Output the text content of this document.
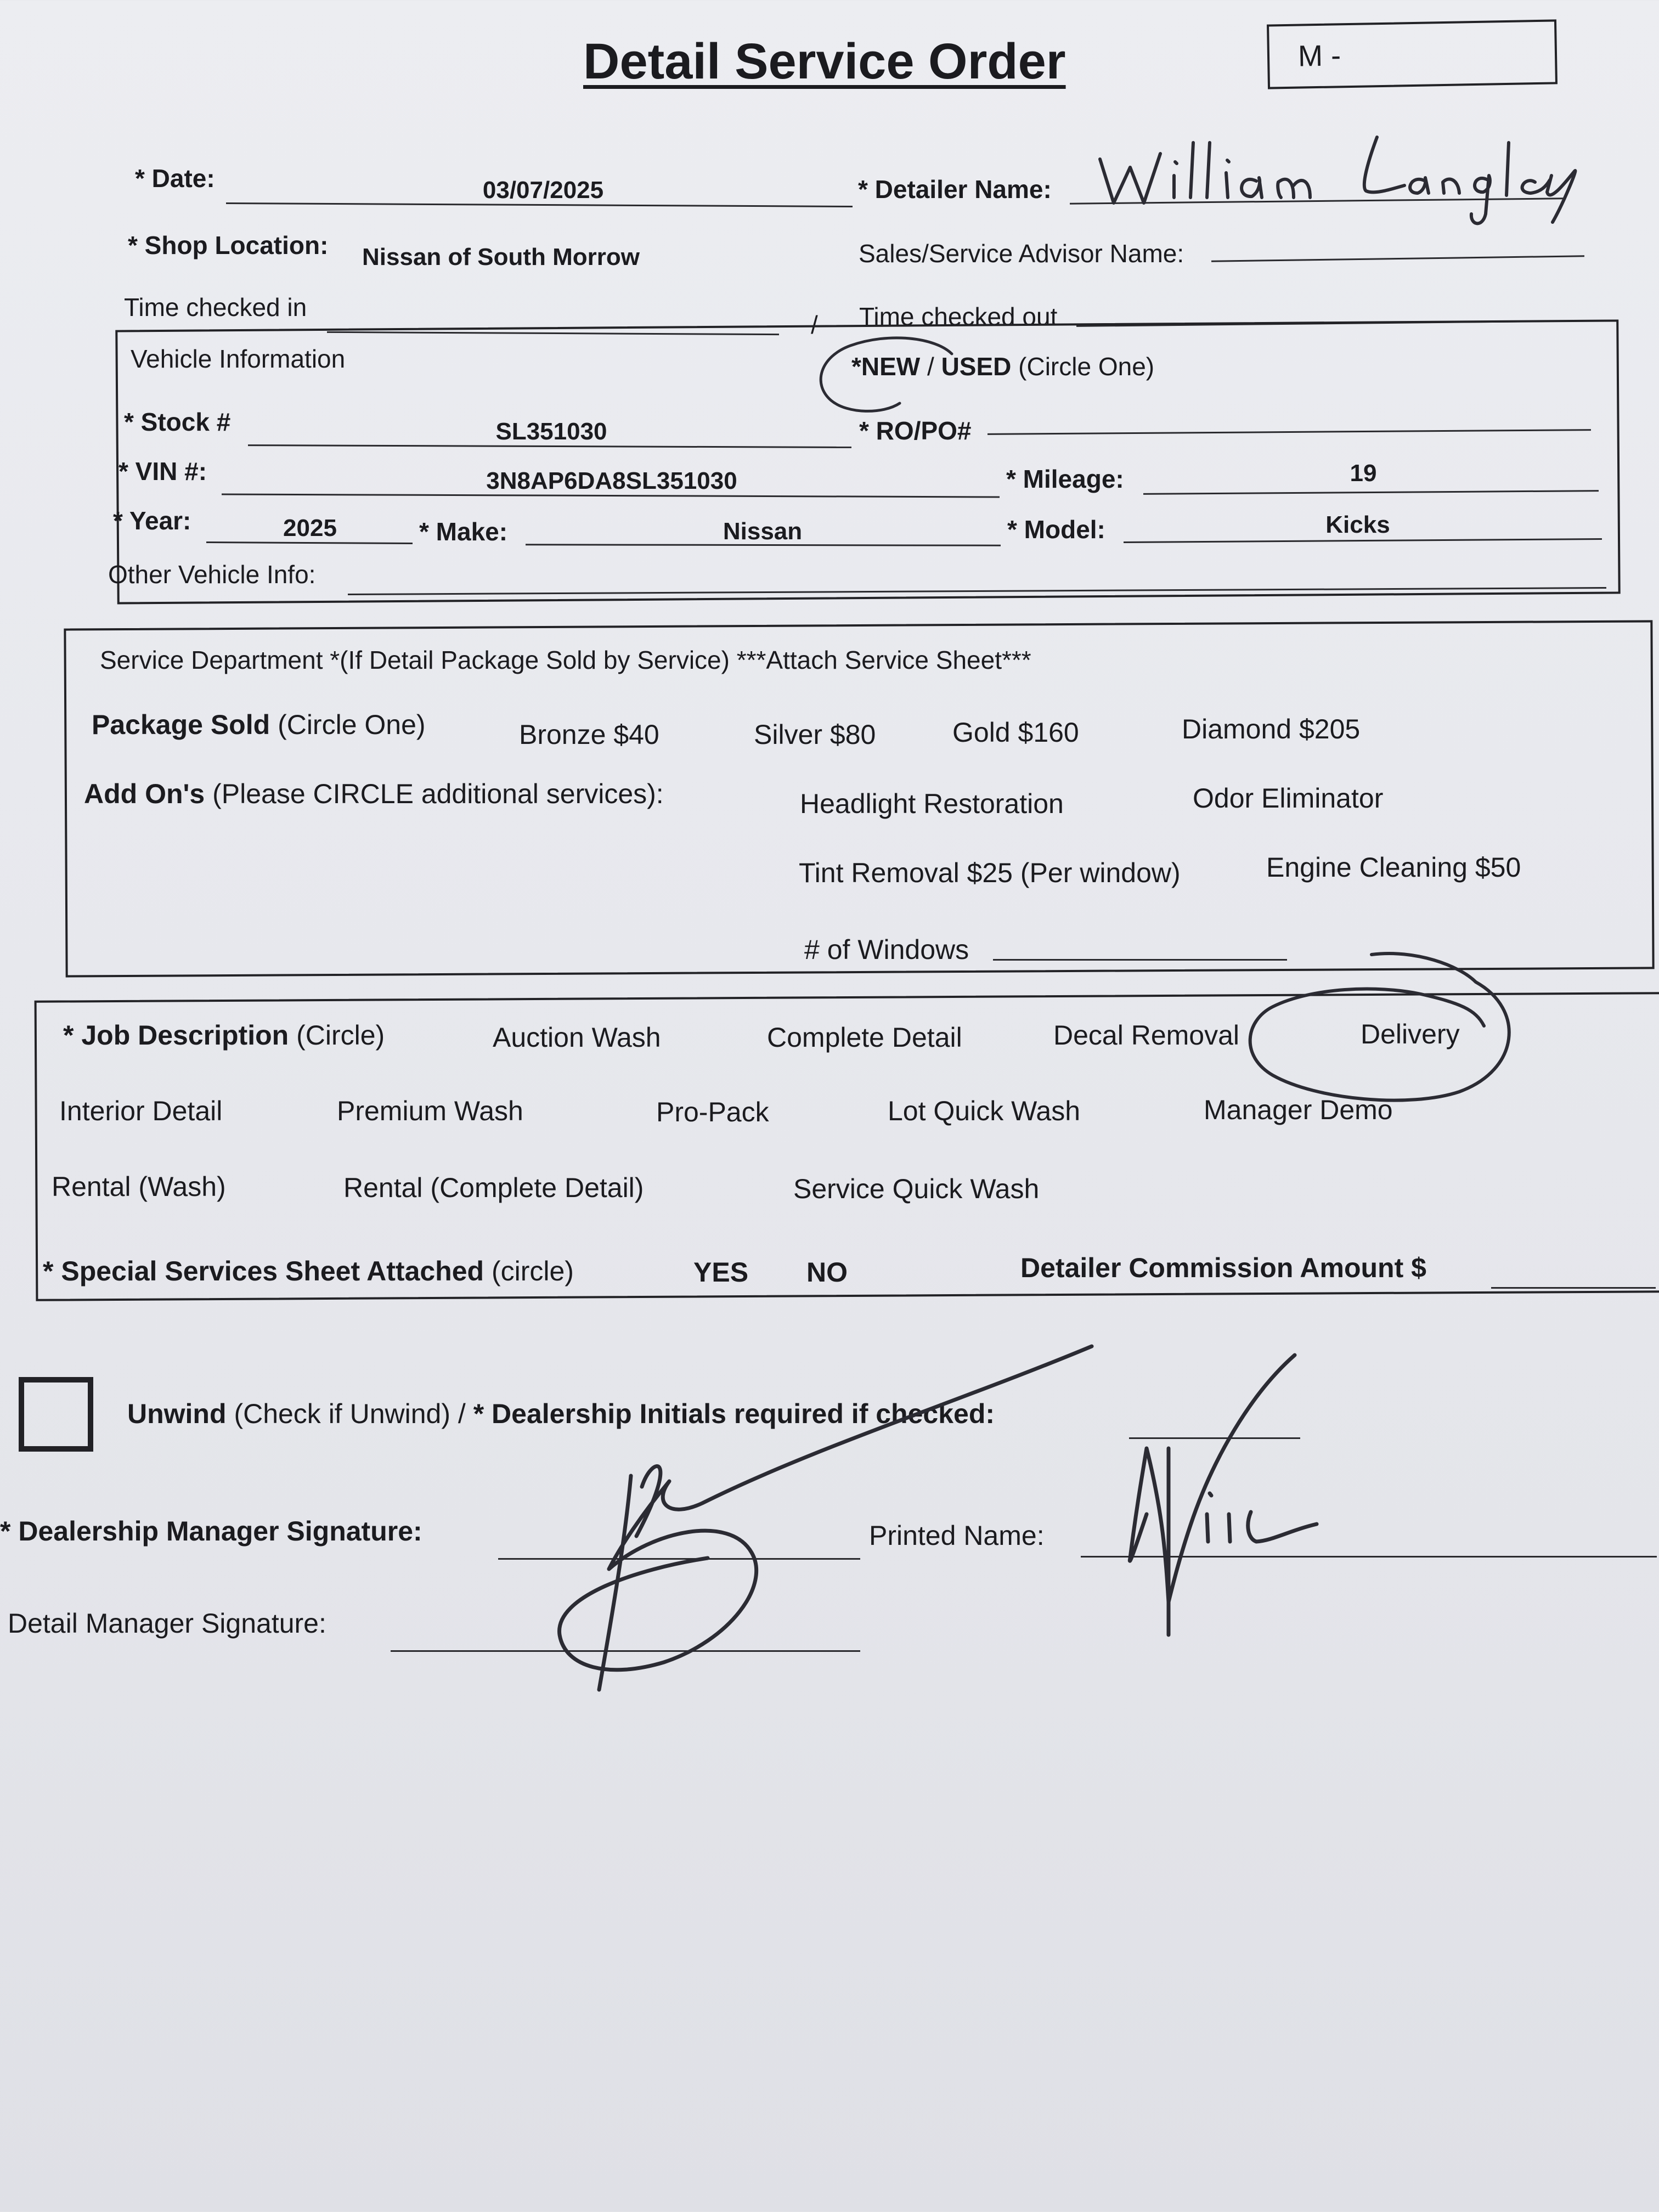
Detail Service Order	M -
* Date:	03/07/2025	* Detailer Name:
* Shop Location: Nissan of South Morrow	Sales/Service Advisor Name:
Time checked in
/ Time checked out
Vehicle Information	*NEW / USED (Circle One)
* Stock #	SL351030	* RO/PO#
* VIN #:	3N8AP6DA8SL351030	* Mileage:	19
* Year:	2025	* Make:	Nissan	* Model:	Kicks
Other Vehicle Info:
Service Department *(If Detail Package Sold by Service) ***Attach Service Sheet***
Package Sold (Circle One)	Bronze $40	Silver $80	Gold $160	Diamond $205
Add On's (Please CIRCLE additional services):	Headlight Restoration	Odor Eliminator
Tint Removal $25 (Per window)	Engine Cleaning $50
# of Windows
* Job Description (Circle)	Auction Wash	Complete Detail	Decal Removal	Delivery
Interior Detail	Premium Wash	Pro-Pack	Lot Quick Wash	Manager Demo
Rental (Wash)	Rental (Complete Detail)	Service Quick Wash
* Special Services Sheet Attached (circle)	YES NO	Detailer Commission Amount $
Unwind (Check if Unwind) / * Dealership Initials required if checked:
* Dealership Manager Signature:	Printed Name:
Detail Manager Signature:
